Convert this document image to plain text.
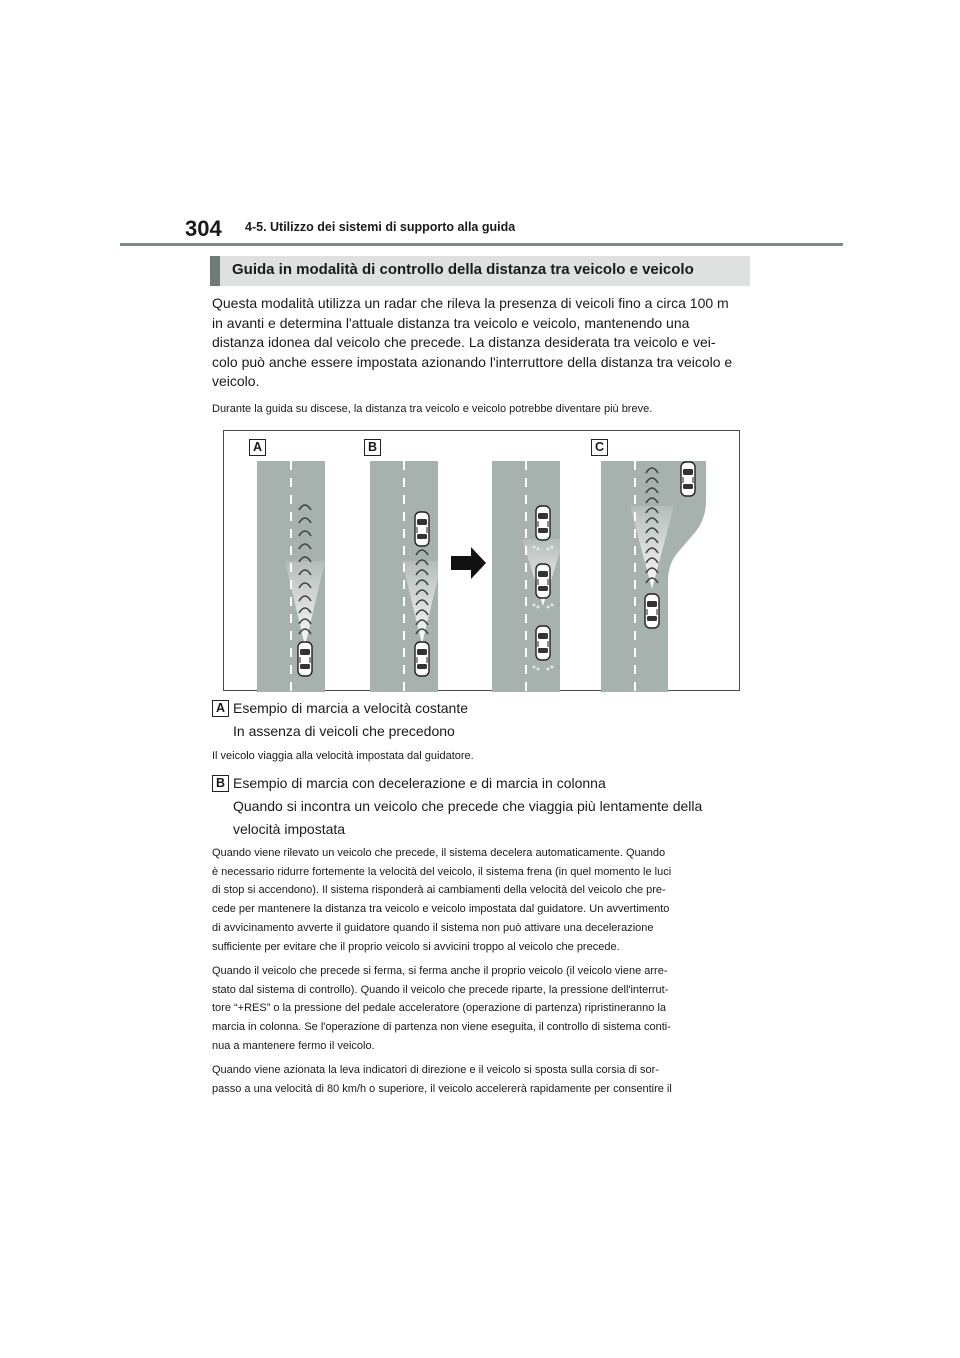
304 4-5. Utilizzo dei sistemi di supporto alla guida
Guida in modalità di controllo della distanza tra veicolo e veicolo
Questa modalità utilizza un radar che rileva la presenza di veicoli fino a circa 100 m
in avanti e determina l'attuale distanza tra veicolo e veicolo, mantenendo una
distanza idonea dal veicolo che precede. La distanza desiderata tra veicolo e vei-
colo può anche essere impostata azionando l'interruttore della distanza tra veicolo e
veicolo.
Durante la guida su discese, la distanza tra veicolo e veicolo potrebbe diventare più breve.
A	B	C
A Esempio di marcia a velocità costante
In assenza di veicoli che precedono
Il veicolo viaggia alla velocità impostata dal guidatore.
B Esempio di marcia con decelerazione e di marcia in colonna
Quando si incontra un veicolo che precede che viaggia più lentamente della
velocità impostata
Quando viene rilevato un veicolo che precede, il sistema decelera automaticamente. Quando
è necessario ridurre fortemente la velocità del veicolo, il sistema frena (in quel momento le luci
di stop si accendono). Il sistema risponderà ai cambiamenti della velocità del veicolo che pre-
cede per mantenere la distanza tra veicolo e veicolo impostata dal guidatore. Un avvertimento
di avvicinamento avverte il guidatore quando il sistema non può attivare una decelerazione
sufficiente per evitare che il proprio veicolo si avvicini troppo al veicolo che precede.
Quando il veicolo che precede si ferma, si ferma anche il proprio veicolo (il veicolo viene arre-
stato dal sistema di controllo). Quando il veicolo che precede riparte, la pressione dell'interrut-
tore “+RES” o la pressione del pedale acceleratore (operazione di partenza) ripristineranno la
marcia in colonna. Se l'operazione di partenza non viene eseguita, il controllo di sistema conti-
nua a mantenere fermo il veicolo.
Quando viene azionata la leva indicatori di direzione e il veicolo si sposta sulla corsia di sor-
passo a una velocità di 80 km/h o superiore, il veicolo accelererà rapidamente per consentire il
